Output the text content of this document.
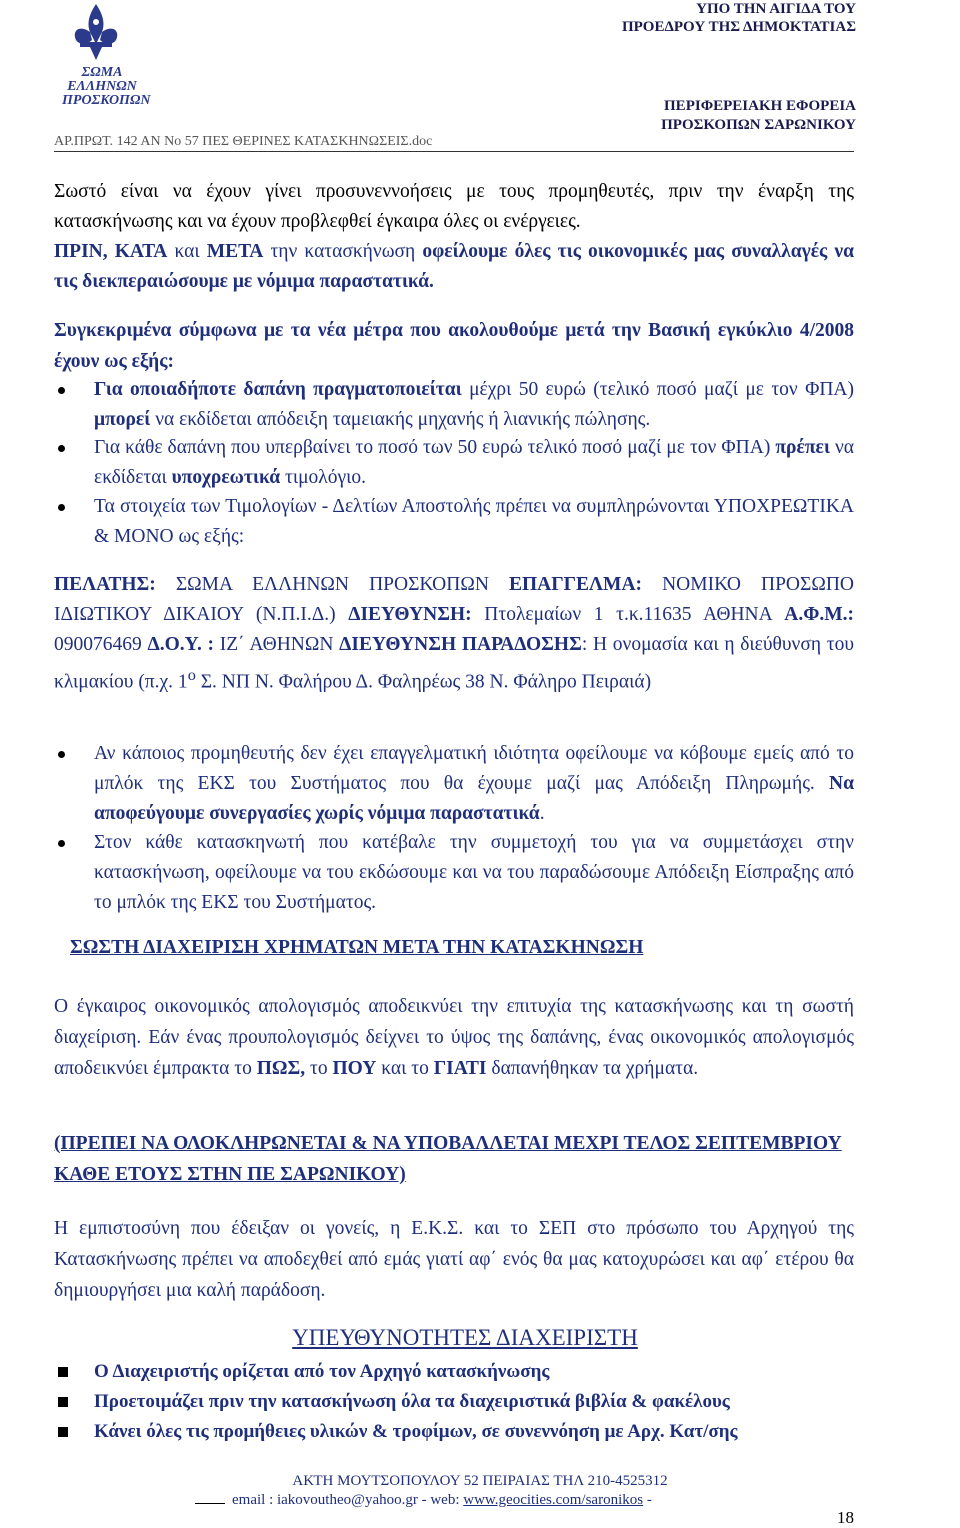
ΥΠΟ ΤΗΝ ΑΙΓΙΔΑ ΤΟΥ
ΠΡΟΕΔΡΟΥ ΤΗΣ ΔΗΜΟΚΤΑΤΙΑΣ
ΣΩΜΑ
ΕΛΛΗΝΩΝ
ΠΡΟΣΚΟΠΩΝ	ΠΕΡΙΦΕΡΕΙΑΚΗ ΕΦΟΡΕΙΑ
ΠΡΟΣΚΟΠΩΝ ΣΑΡΩΝΙΚΟΥ
ΑΡ.ΠΡΩΤ. 142 ΑΝ Νο 57 ΠΕΣ ΘΕΡΙΝΕΣ ΚΑΤΑΣΚΗΝΩΣΕΙΣ.doc

Σωστό είναι να έχουν γίνει προσυνεννοήσεις με τους προμηθευτές, πριν την έναρξη της κατασκήνωσης και να έχουν προβλεφθεί έγκαιρα όλες οι ενέργειες.

ΠΡΙΝ, ΚΑΤΑ και ΜΕΤΑ την κατασκήνωση οφείλουμε όλες τις οικονομικές μας συναλλαγές να τις διεκπεραιώσουμε με νόμιμα παραστατικά.

Συγκεκριμένα σύμφωνα με τα νέα μέτρα που ακολουθούμε μετά την Βασική εγκύκλιο 4/2008 έχουν ως εξής:

Για οποιαδήποτε δαπάνη πραγματοποιείται μέχρι 50 ευρώ (τελικό ποσό μαζί με τον ΦΠΑ) μπορεί να εκδίδεται απόδειξη ταμειακής μηχανής ή λιανικής πώλησης.
Για κάθε δαπάνη που υπερβαίνει το ποσό των 50 ευρώ τελικό ποσό μαζί με τον ΦΠΑ) πρέπει να εκδίδεται υποχρεωτικά τιμολόγιο.
Τα στοιχεία των Τιμολογίων - Δελτίων Αποστολής πρέπει να συμπληρώνονται ΥΠΟΧΡΕΩΤΙΚΑ & ΜΟΝΟ ως εξής:

ΠΕΛΑΤΗΣ: ΣΩΜΑ ΕΛΛΗΝΩΝ ΠΡΟΣΚΟΠΩΝ ΕΠΑΓΓΕΛΜΑ: ΝΟΜΙΚΟ ΠΡΟΣΩΠΟ ΙΔΙΩΤΙΚΟΥ ΔΙΚΑΙΟΥ (Ν.Π.Ι.Δ.) ΔΙΕΥΘΥΝΣΗ: Πτολεμαίων 1 τ.κ.11635 ΑΘΗΝΑ Α.Φ.Μ.: 090076469 Δ.Ο.Υ. : ΙΖ΄ ΑΘΗΝΩΝ ΔΙΕΥΘΥΝΣΗ ΠΑΡΑΔΟΣΗΣ: Η ονομασία και η διεύθυνση του κλιμακίου (π.χ. $1^o$ Σ. ΝΠ Ν. Φαλήρου Δ. Φαληρέως 38 Ν. Φάληρο Πειραιά)

Αν κάποιος προμηθευτής δεν έχει επαγγελματική ιδιότητα οφείλουμε να κόβουμε εμείς από το μπλόκ της ΕΚΣ του Συστήματος που θα έχουμε μαζί μας Απόδειξη Πληρωμής. Να αποφεύγουμε συνεργασίες χωρίς νόμιμα παραστατικά.
Στον κάθε κατασκηνωτή που κατέβαλε την συμμετοχή του για να συμμετάσχει στην κατασκήνωση, οφείλουμε να του εκδώσουμε και να του παραδώσουμε Απόδειξη Είσπραξης από το μπλόκ της ΕΚΣ του Συστήματος.
ΣΩΣΤΗ ΔΙΑΧΕΙΡΙΣΗ ΧΡΗΜΑΤΩΝ ΜΕΤΑ ΤΗΝ ΚΑΤΑΣΚΗΝΩΣΗ

Ο έγκαιρος οικονομικός απολογισμός αποδεικνύει την επιτυχία της κατασκήνωσης και τη σωστή διαχείριση. Εάν ένας προυπολογισμός δείχνει το ύψος της δαπάνης, ένας οικονομικός απολογισμός αποδεικνύει έμπρακτα το ΠΩΣ, το ΠΟΥ και το ΓΙΑΤΙ δαπανήθηκαν τα χρήματα.

(ΠΡΕΠΕΙ ΝΑ ΟΛΟΚΛΗΡΩΝΕΤΑΙ & ΝΑ ΥΠΟΒΑΛΛΕΤΑΙ ΜΕΧΡΙ ΤΕΛΟΣ ΣΕΠΤΕΜΒΡΙΟΥ ΚΑΘΕ ΕΤΟΥΣ ΣΤΗΝ ΠΕ ΣΑΡΩΝΙΚΟΥ)

Η εμπιστοσύνη που έδειξαν οι γονείς, η Ε.Κ.Σ. και το ΣΕΠ στο πρόσωπο του Αρχηγού της Κατασκήνωσης πρέπει να αποδεχθεί από εμάς γιατί αφ΄ ενός θα μας κατοχυρώσει και αφ΄ ετέρου θα δημιουργήσει μια καλή παράδοση.

ΥΠΕΥΘΥΝΟΤΗΤΕΣ ΔΙΑΧΕΙΡΙΣΤΗ
Ο Διαχειριστής ορίζεται από τον Αρχηγό κατασκήνωσης
Προετοιμάζει πριν την κατασκήνωση όλα τα διαχειριστικά βιβλία & φακέλους
Κάνει όλες τις προμήθειες υλικών & τροφίμων, σε συνεννόηση με Αρχ. Κατ/σης
ΑΚΤΗ ΜΟΥΤΣΟΠΟΥΛΟΥ 52 ΠΕΙΡΑΙΑΣ ΤΗΛ 210-4525312
email : iakovoutheo@yahoo.gr - web: www.geocities.com/saronikos -
18
